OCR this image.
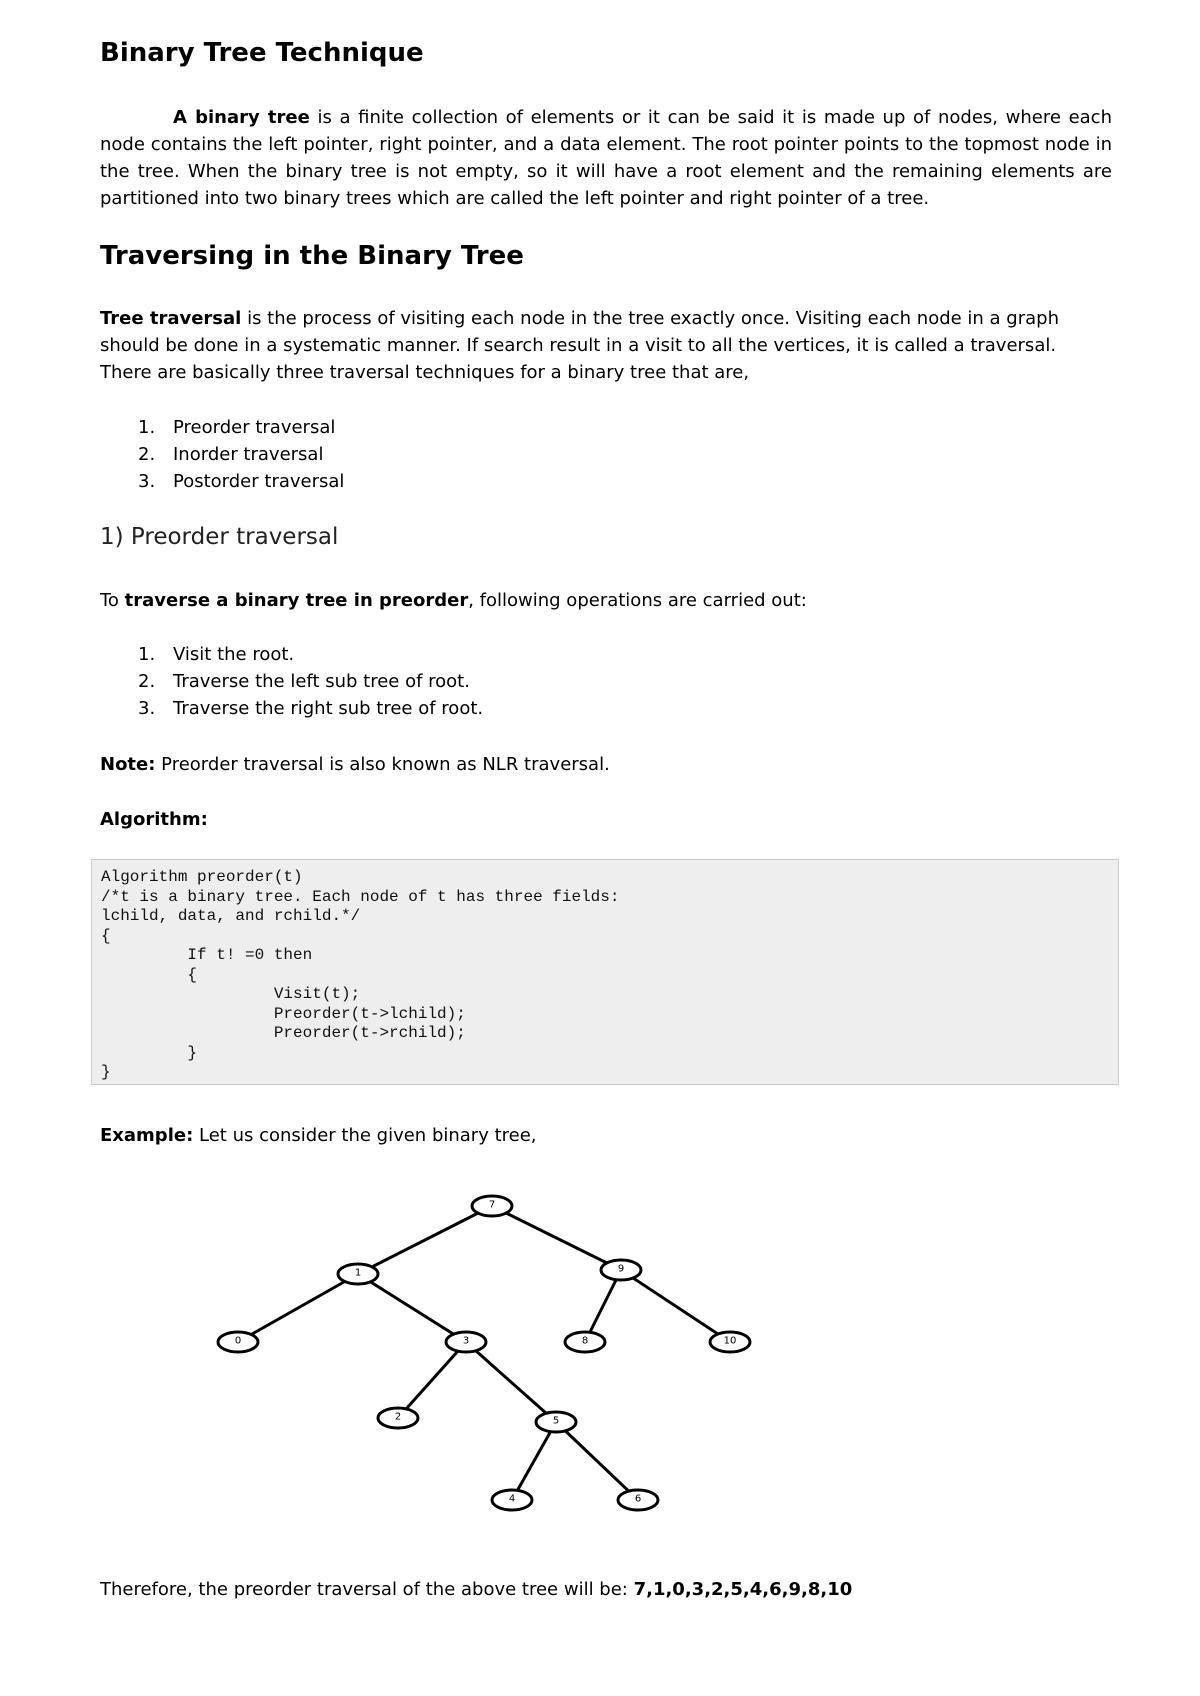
Binary Tree Technique

A binary tree is a finite collection of elements or it can be said it is made up of nodes, where each node contains the left pointer, right pointer, and a data element. The root pointer points to the topmost node in the tree. When the binary tree is not empty, so it will have a root element and the remaining elements are partitioned into two binary trees which are called the left pointer and right pointer of a tree.

Traversing in the Binary Tree

Tree traversal is the process of visiting each node in the tree exactly once. Visiting each node in a graph should be done in a systematic manner. If search result in a visit to all the vertices, it is called a traversal. There are basically three traversal techniques for a binary tree that are,

1. Preorder traversal
2. Inorder traversal
3. Postorder traversal
1) Preorder traversal

To traverse a binary tree in preorder, following operations are carried out:

1. Visit the root.
2. Traverse the left sub tree of root.
3. Traverse the right sub tree of root.

Note: Preorder traversal is also known as NLR traversal.

Algorithm:

Example: Let us consider the given binary tree,

Therefore, the preorder traversal of the above tree will be: 7,1,0,3,2,5,4,6,9,8,10

Algorithm preorder(t)
/*t is a binary tree. Each node of t has three fields:
lchild, data, and rchild.*/
{
If t! =0 then
{
Visit(t);
Preorder(t->lchild);
Preorder(t->rchild);
}
}
7
1	9
0	3	8	10
2	5
4	6
